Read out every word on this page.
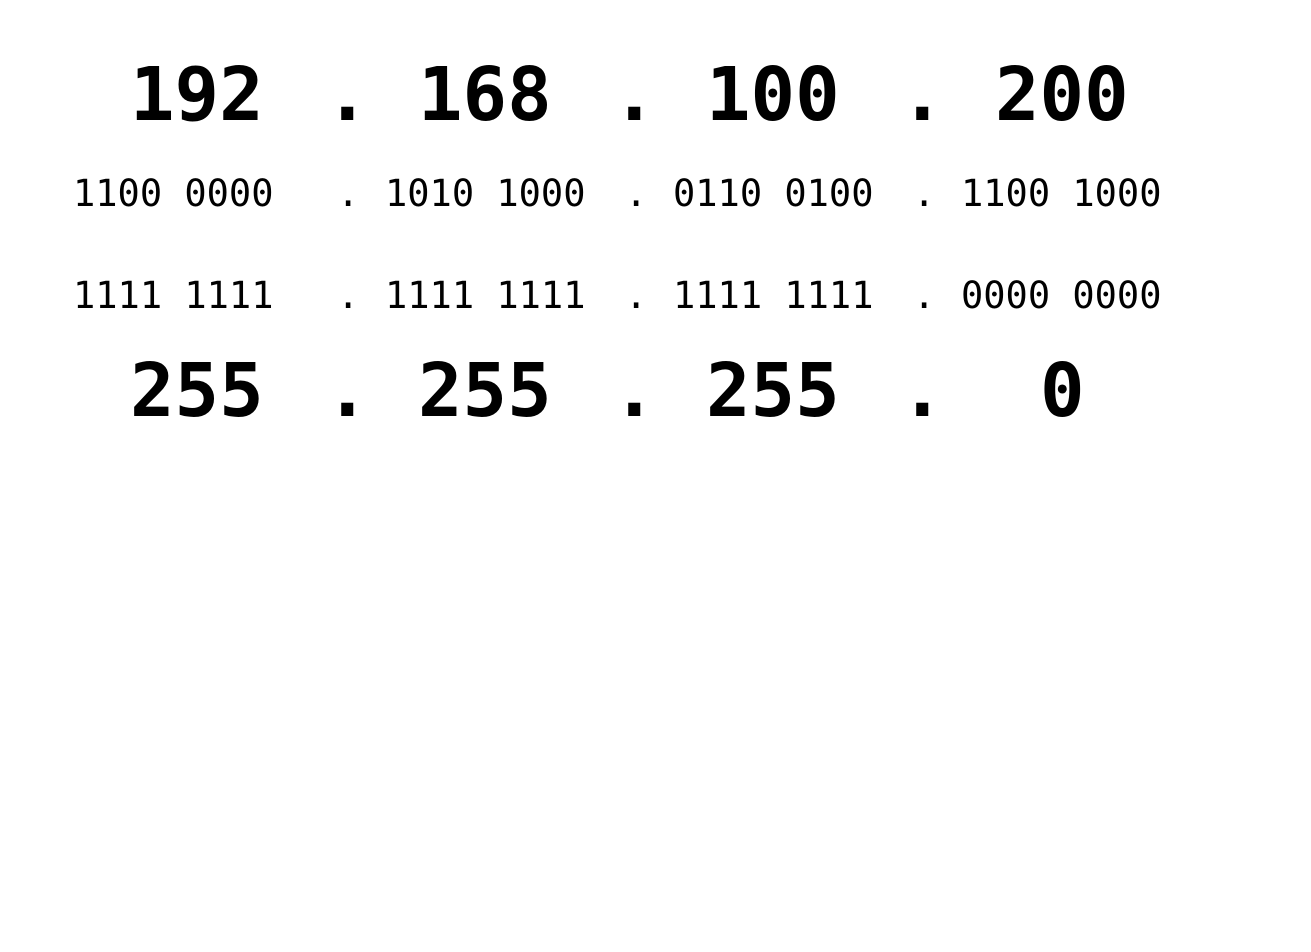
192

.

168

.

100

.

200

1100 0000

.

1010 1000

.

0110 0100

.

1100 1000

1111 1111

.

1111 1111

.

1111 1111

.

0000 0000

255

.

255

.

255

.

0
